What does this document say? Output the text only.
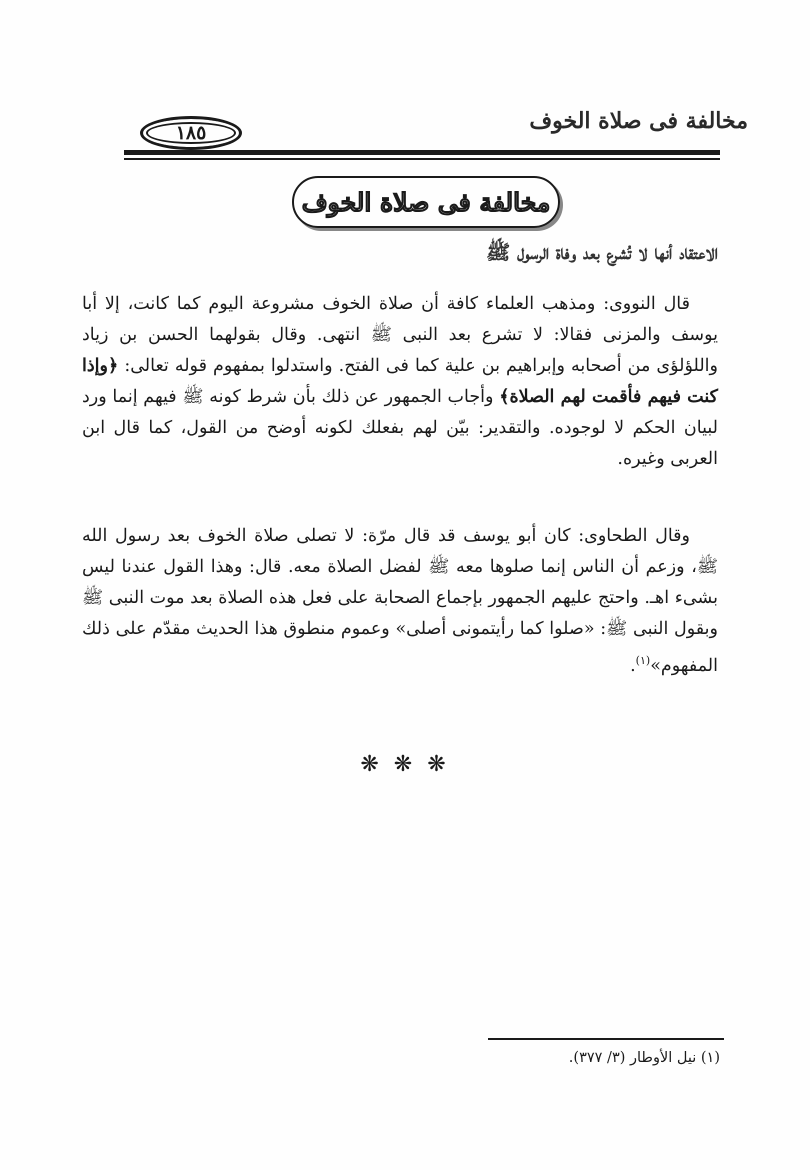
مخالفة فى صلاة الخوف
١٨٥
مخالفة فى صلاة الخوف
الاعتقاد أنها لا تُشرع بعد وفاة الرسول ﷺ

قال النووى: ومذهب العلماء كافة أن صلاة الخوف مشروعة اليوم كما كانت، إلا أبا يوسف والمزنى فقالا: لا تشرع بعد النبى ﷺ انتهى. وقال بقولهما الحسن بن زياد واللؤلؤى من أصحابه وإبراهيم بن علية كما فى الفتح. واستدلوا بمفهوم قوله تعالى: ﴿وإذا كنت فيهم فأقمت لهم الصلاة﴾ وأجاب الجمهور عن ذلك بأن شرط كونه ﷺ فيهم إنما ورد لبيان الحكم لا لوجوده. والتقدير: بيّن لهم بفعلك لكونه أوضح من القول، كما قال ابن العربى وغيره.

وقال الطحاوى: كان أبو يوسف قد قال مرّة: لا تصلى صلاة الخوف بعد رسول الله ﷺ، وزعم أن الناس إنما صلوها معه ﷺ لفضل الصلاة معه. قال: وهذا القول عندنا ليس بشىء اهـ. واحتج عليهم الجمهور بإجماع الصحابة على فعل هذه الصلاة بعد موت النبى ﷺ وبقول النبى ﷺ: «صلوا كما رأيتمونى أصلى» وعموم منطوق هذا الحديث مقدّم على ذلك المفهوم»$^{(١)}$.

❋ ❋ ❋
(١) نيل الأوطار (٣/ ٣٧٧).
